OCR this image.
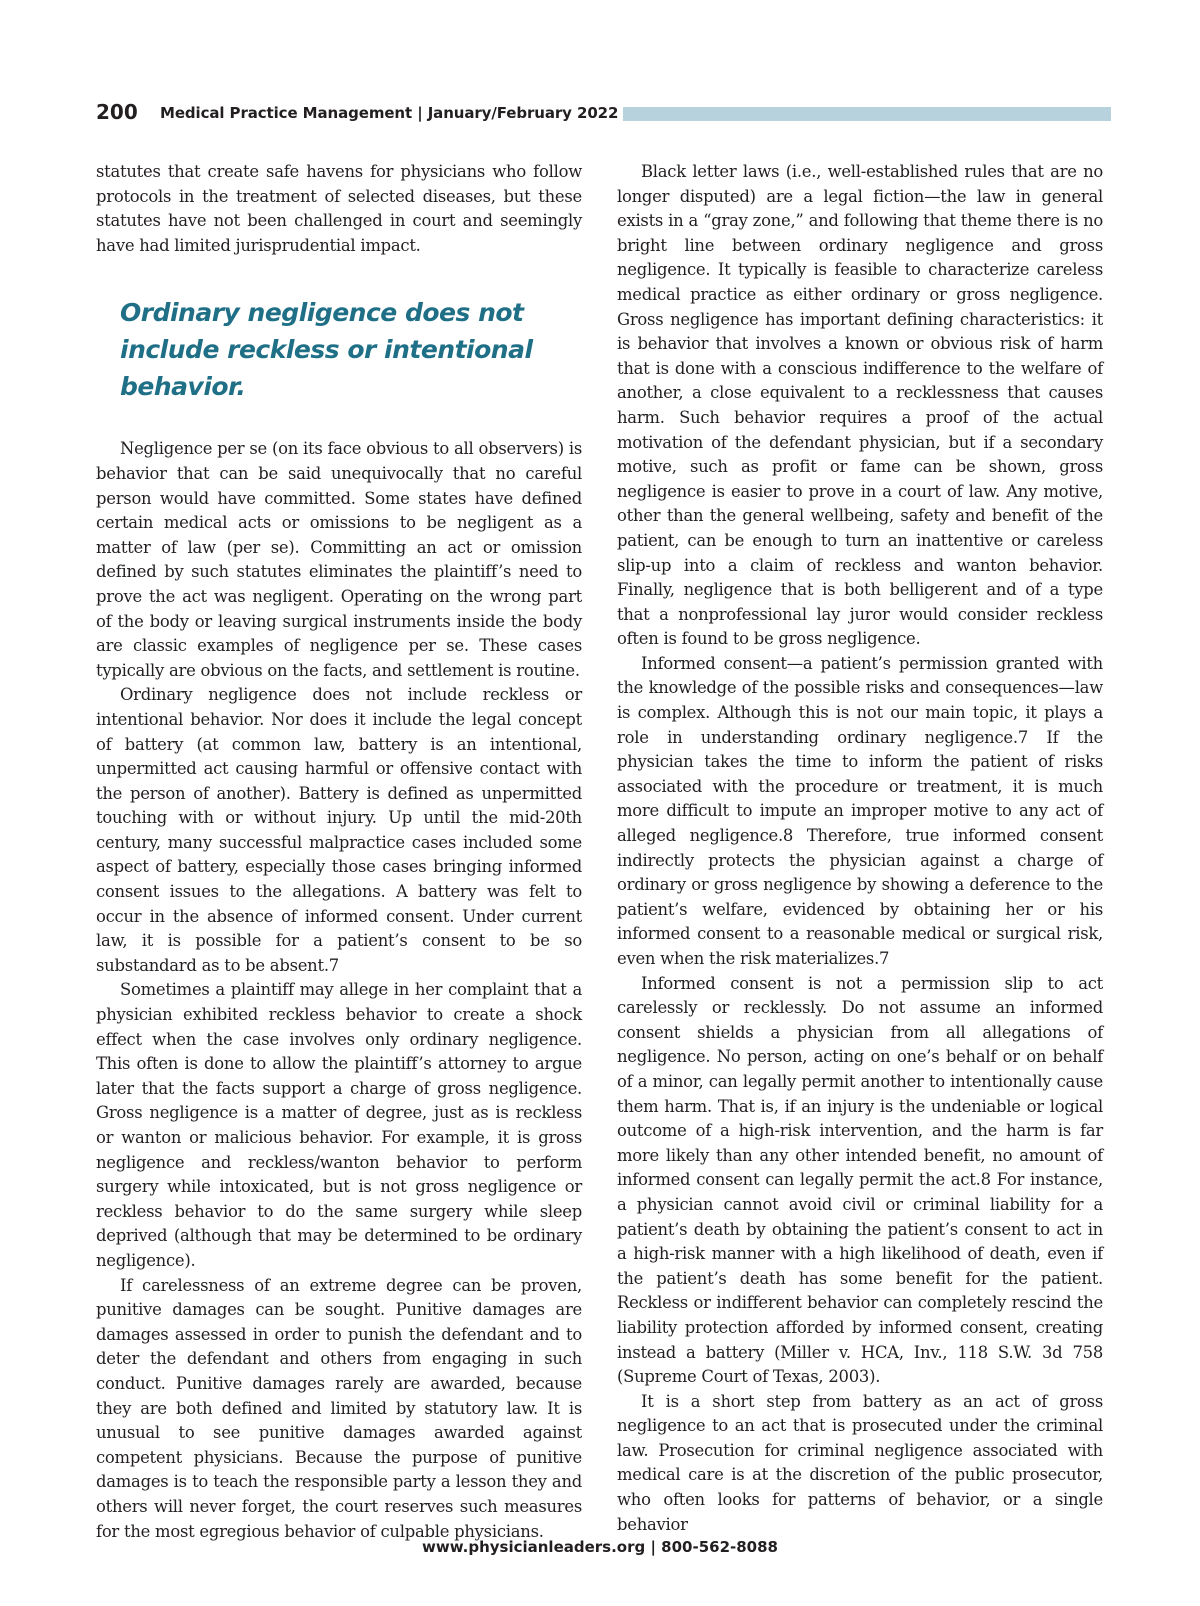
200 Medical Practice Management | January/February 2022

statutes that create safe havens for physicians who follow protocols in the treatment of selected diseases, but these statutes have not been challenged in court and seemingly have had limited jurisprudential impact.

Ordinary negligence does not include reckless or intentional behavior.

Negligence per se (on its face obvious to all observers) is behavior that can be said unequivocally that no careful person would have committed. Some states have defined certain medical acts or omissions to be negligent as a matter of law (per se). Committing an act or omission defined by such statutes eliminates the plaintiff’s need to prove the act was negligent. Operating on the wrong part of the body or leaving surgical instruments inside the body are classic examples of negligence per se. These cases typically are obvious on the facts, and settlement is routine.

Ordinary negligence does not include reckless or intentional behavior. Nor does it include the legal concept of battery (at common law, battery is an intentional, unpermitted act causing harmful or offensive contact with the person of another). Battery is defined as unpermitted touching with or without injury. Up until the mid-20th century, many successful malpractice cases included some aspect of battery, especially those cases bringing informed consent issues to the allegations. A battery was felt to occur in the absence of informed consent. Under current law, it is possible for a patient’s consent to be so substandard as to be absent.7

Sometimes a plaintiff may allege in her complaint that a physician exhibited reckless behavior to create a shock effect when the case involves only ordinary negligence. This often is done to allow the plaintiff’s attorney to argue later that the facts support a charge of gross negligence. Gross negligence is a matter of degree, just as is reckless or wanton or malicious behavior. For example, it is gross negligence and reckless/wanton behavior to perform surgery while intoxicated, but is not gross negligence or reckless behavior to do the same surgery while sleep deprived (although that may be determined to be ordinary negligence).

If carelessness of an extreme degree can be proven, punitive damages can be sought. Punitive damages are damages assessed in order to punish the defendant and to deter the defendant and others from engaging in such conduct. Punitive damages rarely are awarded, because they are both defined and limited by statutory law. It is unusual to see punitive damages awarded against competent physicians. Because the purpose of punitive damages is to teach the responsible party a lesson they and others will never forget, the court reserves such measures for the most egregious behavior of culpable physicians.

Black letter laws (i.e., well-established rules that are no longer disputed) are a legal fiction—the law in general exists in a “gray zone,” and following that theme there is no bright line between ordinary negligence and gross negligence. It typically is feasible to characterize careless medical practice as either ordinary or gross negligence. Gross negligence has important defining characteristics: it is behavior that involves a known or obvious risk of harm that is done with a conscious indifference to the welfare of another, a close equivalent to a recklessness that causes harm. Such behavior requires a proof of the actual motivation of the defendant physician, but if a secondary motive, such as profit or fame can be shown, gross negligence is easier to prove in a court of law. Any motive, other than the general wellbeing, safety and benefit of the patient, can be enough to turn an inattentive or careless slip-up into a claim of reckless and wanton behavior. Finally, negligence that is both belligerent and of a type that a nonprofessional lay juror would consider reckless often is found to be gross negligence.

Informed consent—a patient’s permission granted with the knowledge of the possible risks and consequences—law is complex. Although this is not our main topic, it plays a role in understanding ordinary negligence.7 If the physician takes the time to inform the patient of risks associated with the procedure or treatment, it is much more difficult to impute an improper motive to any act of alleged negligence.8 Therefore, true informed consent indirectly protects the physician against a charge of ordinary or gross negligence by showing a deference to the patient’s welfare, evidenced by obtaining her or his informed consent to a reasonable medical or surgical risk, even when the risk materializes.7

Informed consent is not a permission slip to act carelessly or recklessly. Do not assume an informed consent shields a physician from all allegations of negligence. No person, acting on one’s behalf or on behalf of a minor, can legally permit another to intentionally cause them harm. That is, if an injury is the undeniable or logical outcome of a high-risk intervention, and the harm is far more likely than any other intended benefit, no amount of informed consent can legally permit the act.8 For instance, a physician cannot avoid civil or criminal liability for a patient’s death by obtaining the patient’s consent to act in a high-risk manner with a high likelihood of death, even if the patient’s death has some benefit for the patient. Reckless or indifferent behavior can completely rescind the liability protection afforded by informed consent, creating instead a battery (Miller v. HCA, Inv., 118 S.W. 3d 758 (Supreme Court of Texas, 2003).

It is a short step from battery as an act of gross negligence to an act that is prosecuted under the criminal law. Prosecution for criminal negligence associated with medical care is at the discretion of the public prosecutor, who often looks for patterns of behavior, or a single behavior

www.physicianleaders.org | 800-562-8088
